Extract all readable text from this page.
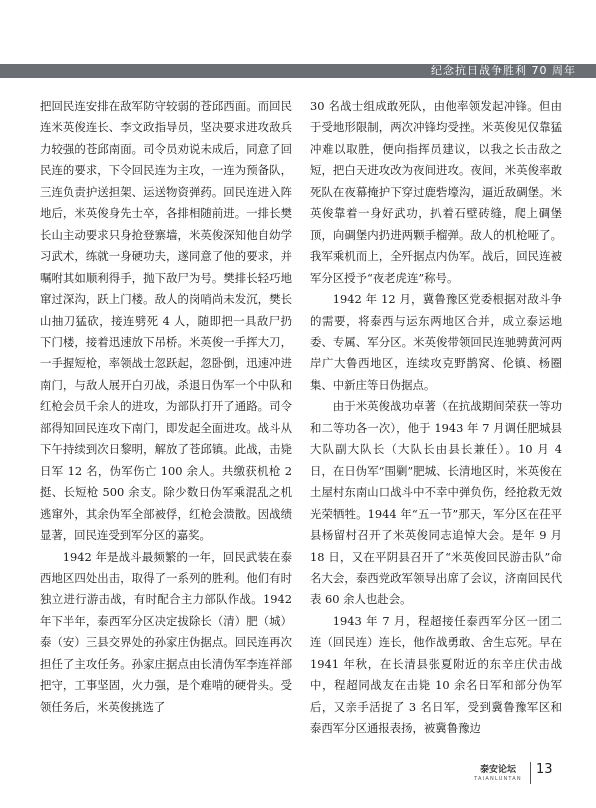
纪念抗日战争胜利 70 周年

把回民连安排在敌军防守较弱的苍邱西面。而回民连米英俊连长、李文政指导员，坚决要求进攻敌兵力较强的苍邱南面。司令员劝说未成后，同意了回民连的要求，下令回民连为主攻，一连为预备队，三连负责护送担架、运送物资弹药。回民连进入阵地后，米英俊身先士卒，各排相随前进。一排长樊长山主动要求只身抢登寨墙，米英俊深知他自幼学习武术，练就一身硬功夫，遂同意了他的要求，并嘱咐其如顺利得手，抛下敌尸为号。樊排长轻巧地窜过深沟，跃上门楼。敌人的岗哨尚未发沉，樊长山抽刀猛砍，接连劈死 4 人，随即把一具敌尸扔下门楼，接着迅速放下吊桥。米英俊一手挥大刀，一手握短枪，率领战士忽跃起，忽卧倒，迅速冲进南门，与敌人展开白刃战，杀退日伪军一个中队和红枪会员千余人的进攻，为部队打开了通路。司令部得知回民连攻下南门，即发起全面进攻。战斗从下午持续到次日黎明，解放了苍邱镇。此战，击毙日军 12 名，伪军伤亡 100 余人。共缴获机枪 2 挺、长短枪 500 余支。除少数日伪军乘混乱之机逃窜外，其余伪军全部被俘，红枪会溃散。因战绩显著，回民连受到军分区的嘉奖。

1942 年是战斗最频繁的一年，回民武装在泰西地区四处出击，取得了一系列的胜利。他们有时独立进行游击战，有时配合主力部队作战。1942 年下半年，泰西军分区决定拔除长（清）肥（城）泰（安）三县交界处的孙家庄伪据点。回民连再次担任了主攻任务。孙家庄据点由长清伪军李连祥部把守，工事坚固，火力强，是个难啃的硬骨头。受领任务后，米英俊挑选了

30 名战士组成敢死队，由他率领发起冲锋。但由于受地形限制，两次冲锋均受挫。米英俊见仅靠猛冲难以取胜，便向指挥员建议，以我之长击敌之短，把白天进攻改为夜间进攻。夜间，米英俊率敢死队在夜幕掩护下穿过鹿砦壕沟，逼近敌碉堡。米英俊靠着一身好武功，扒着石壁砖缝，爬上碉堡顶，向碉堡内扔进两颗手榴弹。敌人的机枪哑了。我军乘机而上，全歼据点内伪军。战后，回民连被军分区授予“夜老虎连”称号。

1942 年 12 月，冀鲁豫区党委根据对敌斗争的需要，将泰西与运东两地区合并，成立泰运地委、专属、军分区。米英俊带领回民连驰骋黄河两岸广大鲁西地区，连续攻克野鹊窝、伦镇、杨圈集、中新庄等日伪据点。

由于米英俊战功卓著（在抗战期间荣获一等功和二等功各一次），他于 1943 年 7 月调任肥城县大队副大队长（大队长由县长兼任）。10 月 4 日，在日伪军“围剿”肥城、长清地区时，米英俊在土屋村东南山口战斗中不幸中弹负伤，经抢救无效光荣牺牲。1944 年“五一节”那天，军分区在茌平县杨留村召开了米英俊同志追悼大会。是年 9 月 18 日，又在平阴县召开了“米英俊回民游击队”命名大会，泰西党政军领导出席了会议，济南回民代表 60 余人也赴会。

1943 年 7 月，程超接任泰西军分区一团二连（回民连）连长，他作战勇敢、舍生忘死。早在 1941 年秋，在长清县张夏附近的东辛庄伏击战中，程超同战友在击毙 10 余名日军和部分伪军后，又亲手活捉了 3 名日军，受到冀鲁豫军区和泰西军分区通报表扬，被冀鲁豫边

泰安论坛
TAIANLUNTAN
13
